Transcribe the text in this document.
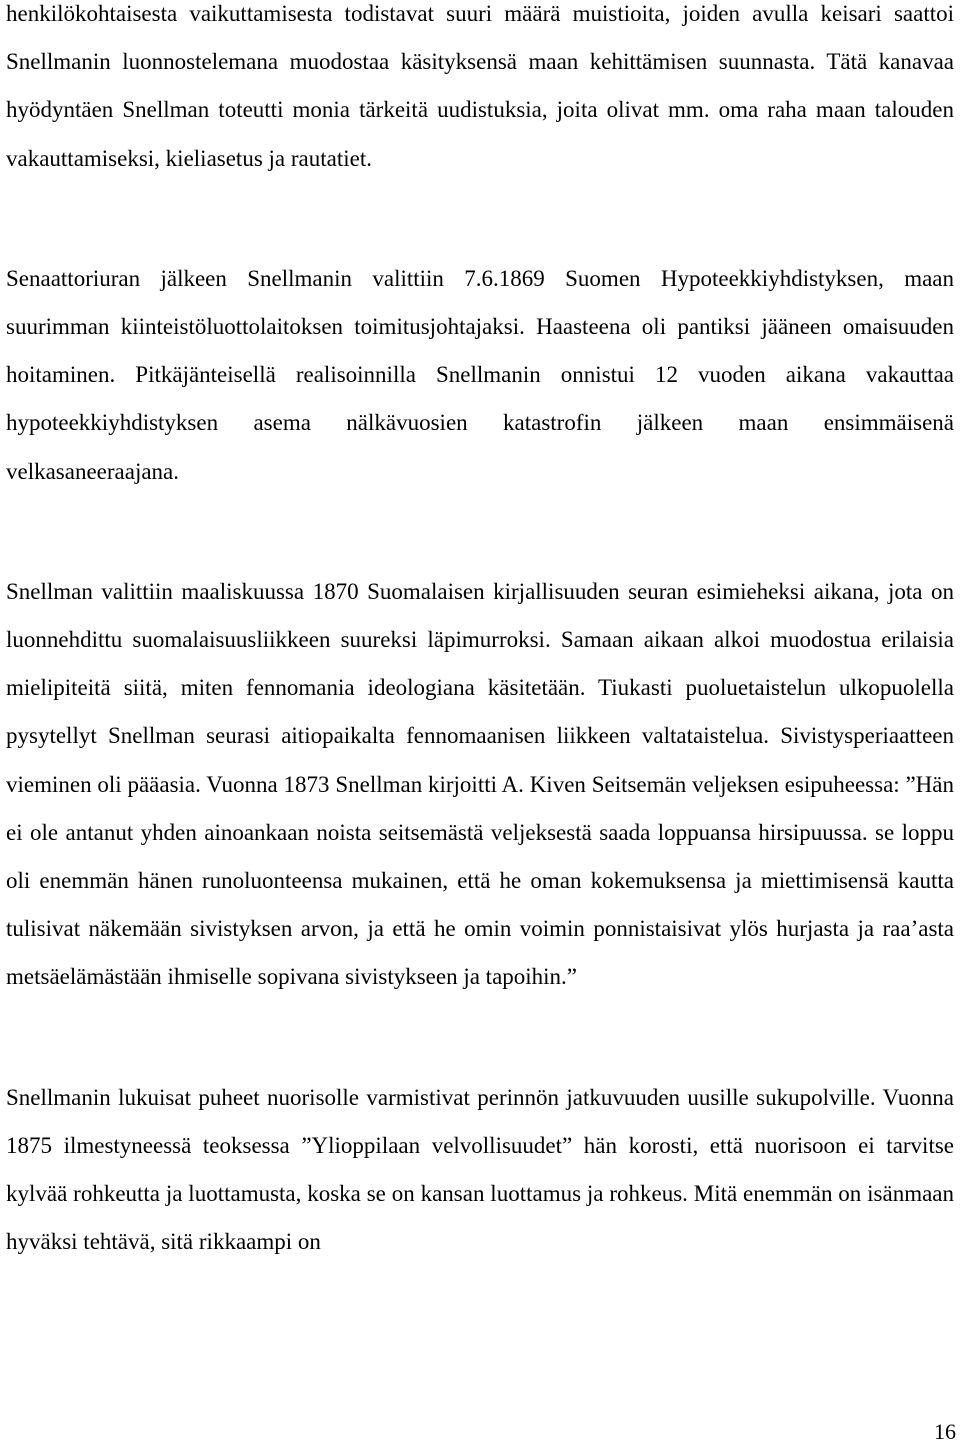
henkilökohtaisesta vaikuttamisesta todistavat suuri määrä muistioita, joiden avulla keisari saattoi Snellmanin luonnostelemana muodostaa käsityksensä maan kehittämisen suunnasta. Tätä kanavaa hyödyntäen Snellman toteutti monia tärkeitä uudistuksia, joita olivat mm. oma raha maan talouden vakauttamiseksi, kieliasetus ja rautatiet.

Senaattoriuran jälkeen Snellmanin valittiin 7.6.1869 Suomen Hypoteekkiyhdistyksen, maan suurimman kiinteistöluottolaitoksen toimitusjohtajaksi. Haasteena oli pantiksi jääneen omaisuuden hoitaminen. Pitkäjänteisellä realisoinnilla Snellmanin onnistui 12 vuoden aikana vakauttaa hypoteekkiyhdistyksen asema nälkävuosien katastrofin jälkeen maan ensimmäisenä velkasaneeraajana.

Snellman valittiin maaliskuussa 1870 Suomalaisen kirjallisuuden seuran esimieheksi aikana, jota on luonnehdittu suomalaisuusliikkeen suureksi läpimurroksi. Samaan aikaan alkoi muodostua erilaisia mielipiteitä siitä, miten fennomania ideologiana käsitetään. Tiukasti puoluetaistelun ulkopuolella pysytellyt Snellman seurasi aitiopaikalta fennomaanisen liikkeen valtataistelua. Sivistysperiaatteen vieminen oli pääasia. Vuonna 1873 Snellman kirjoitti A. Kiven Seitsemän veljeksen esipuheessa: ”Hän ei ole antanut yhden ainoankaan noista seitsemästä veljeksestä saada loppuansa hirsipuussa. se loppu oli enemmän hänen runoluonteensa mukainen, että he oman kokemuksensa ja miettimisensä kautta tulisivat näkemään sivistyksen arvon, ja että he omin voimin ponnistaisivat ylös hurjasta ja raa’asta metsäelämästään ihmiselle sopivana sivistykseen ja tapoihin.”

Snellmanin lukuisat puheet nuorisolle varmistivat perinnön jatkuvuuden uusille sukupolville. Vuonna 1875 ilmestyneessä teoksessa ”Ylioppilaan velvollisuudet” hän korosti, että nuorisoon ei tarvitse kylvää rohkeutta ja luottamusta, koska se on kansan luottamus ja rohkeus. Mitä enemmän on isänmaan hyväksi tehtävä, sitä rikkaampi on

16
